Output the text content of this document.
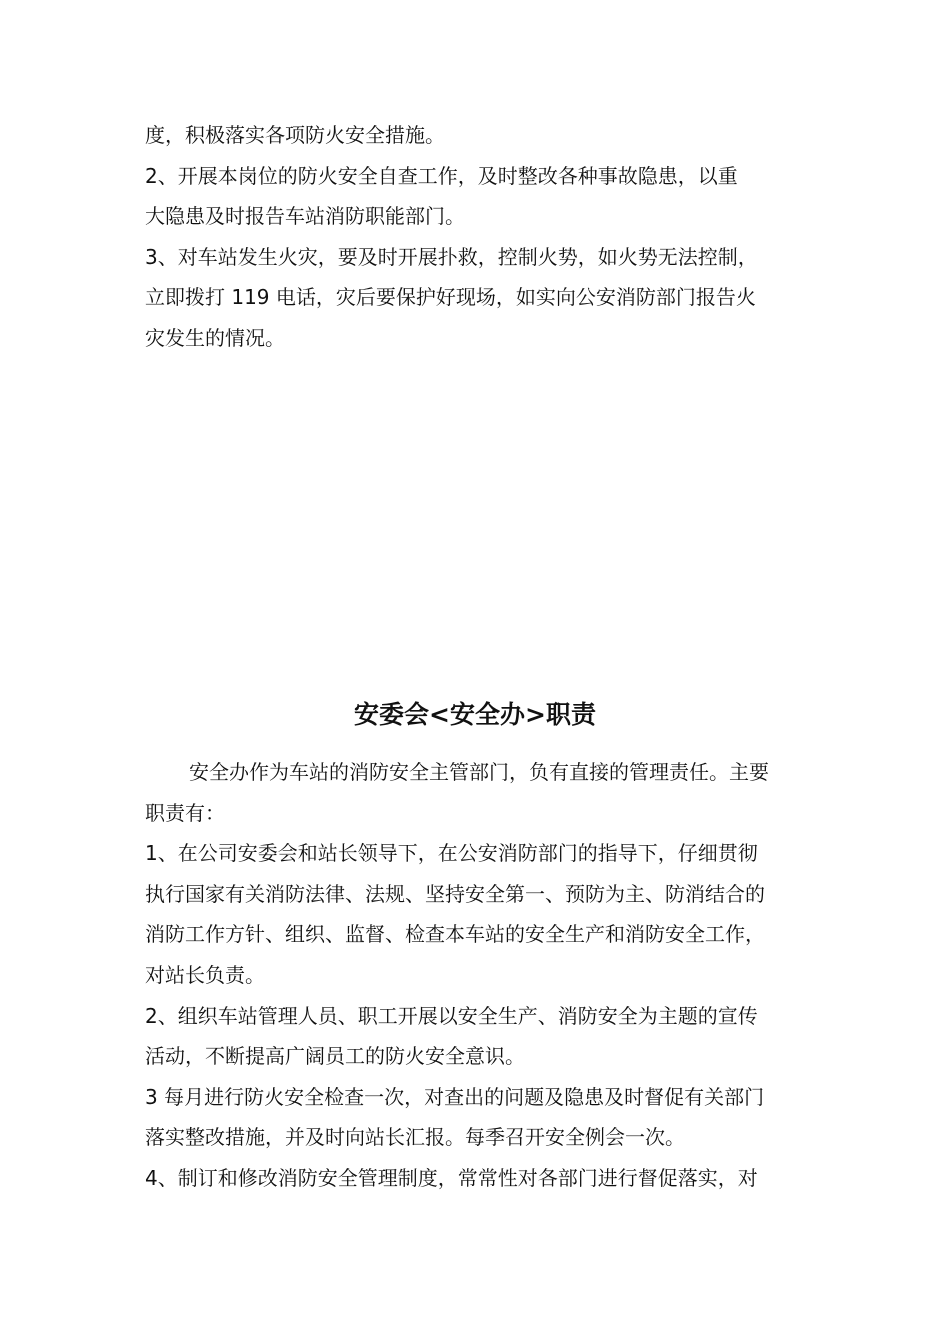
度，积极落实各项防火安全措施。
2、开展本岗位的防火安全自查工作，及时整改各种事故隐患，以重
大隐患及时报告车站消防职能部门。
3、对车站发生火灾，要及时开展扑救，控制火势，如火势无法控制，
立即拨打 119 电话，灾后要保护好现场，如实向公安消防部门报告火
灾发生的情况。
安委会<安全办>职责
安全办作为车站的消防安全主管部门，负有直接的管理责任。主要
职责有：
1、在公司安委会和站长领导下，在公安消防部门的指导下，仔细贯彻
执行国家有关消防法律、法规、坚持安全第一、预防为主、防消结合的
消防工作方针、组织、监督、检查本车站的安全生产和消防安全工作，
对站长负责。
2、组织车站管理人员、职工开展以安全生产、消防安全为主题的宣传
活动，不断提高广阔员工的防火安全意识。
3 每月进行防火安全检查一次，对查出的问题及隐患及时督促有关部门
落实整改措施，并及时向站长汇报。每季召开安全例会一次。
4、制订和修改消防安全管理制度，常常性对各部门进行督促落实，对
